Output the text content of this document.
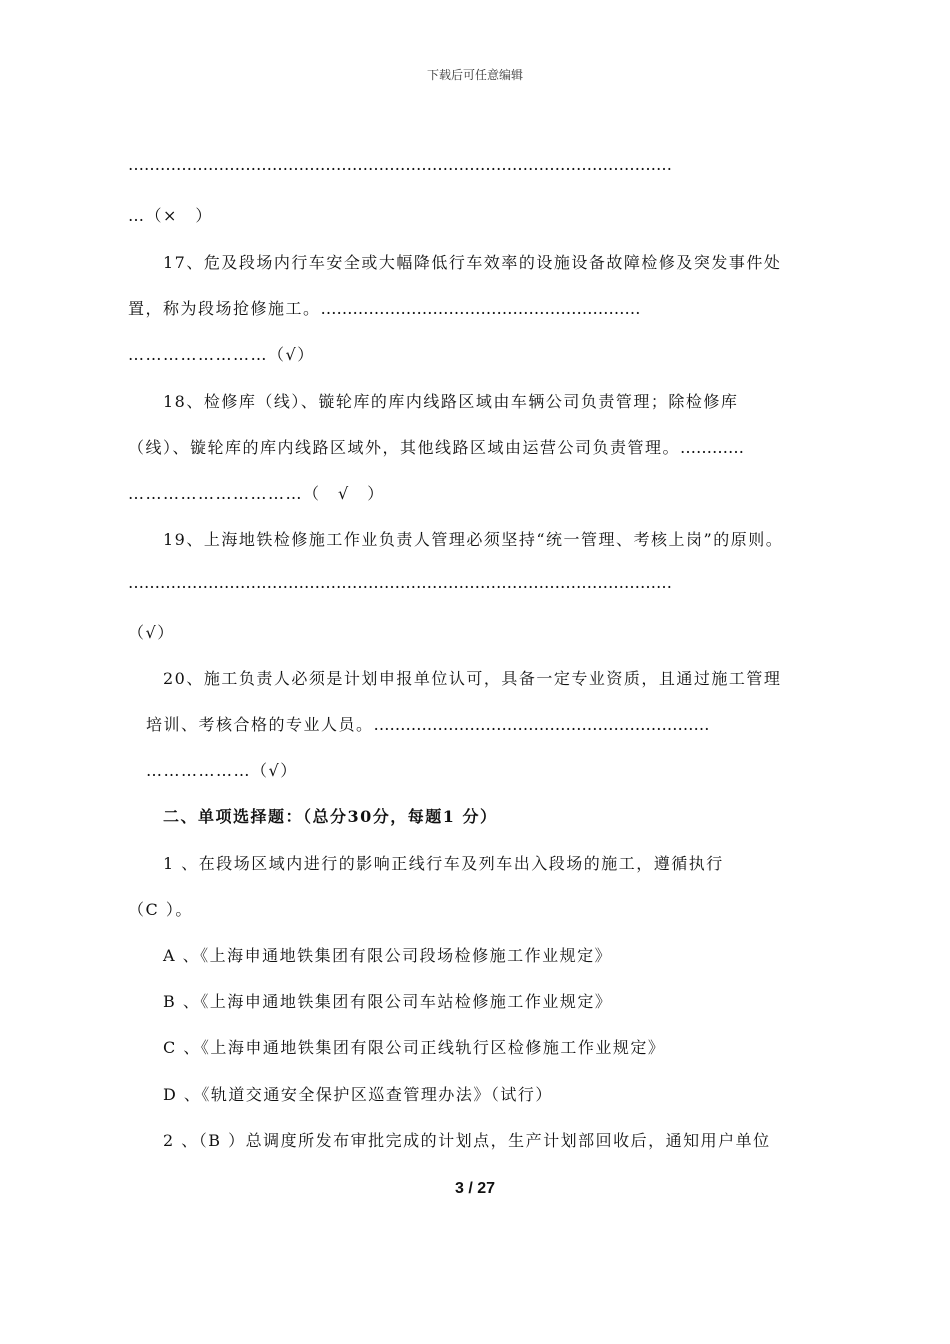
下载后可任意编辑
…………………………………………………………………………………………
…（×　）
17、危及段场内行车安全或大幅降低行车效率的设施设备故障检修及突发事件处
置，称为段场抢修施工。……………………………………………………
……………………（√）
18、检修库（线）、镟轮库的库内线路区域由车辆公司负责管理；除检修库
（线）、镟轮库的库内线路区域外，其他线路区域由运营公司负责管理。…………
…………………………（　√　）
19、上海地铁检修施工作业负责人管理必须坚持“统一管理、考核上岗”的原则。
…………………………………………………………………………………………
（√）
20、施工负责人必须是计划申报单位认可，具备一定专业资质，且通过施工管理
培训、考核合格的专业人员。………………………………………………………
………………（√）
二、单项选择题：（总分30分，每题1 分）
1 、在段场区域内进行的影响正线行车及列车出入段场的施工，遵循执行
（C ）。
A 、《上海申通地铁集团有限公司段场检修施工作业规定》
B 、《上海申通地铁集团有限公司车站检修施工作业规定》
C 、《上海申通地铁集团有限公司正线轨行区检修施工作业规定》
D 、《轨道交通安全保护区巡查管理办法》（试行）
2 、（B ）总调度所发布审批完成的计划点，生产计划部回收后，通知用户单位
3 / 27
